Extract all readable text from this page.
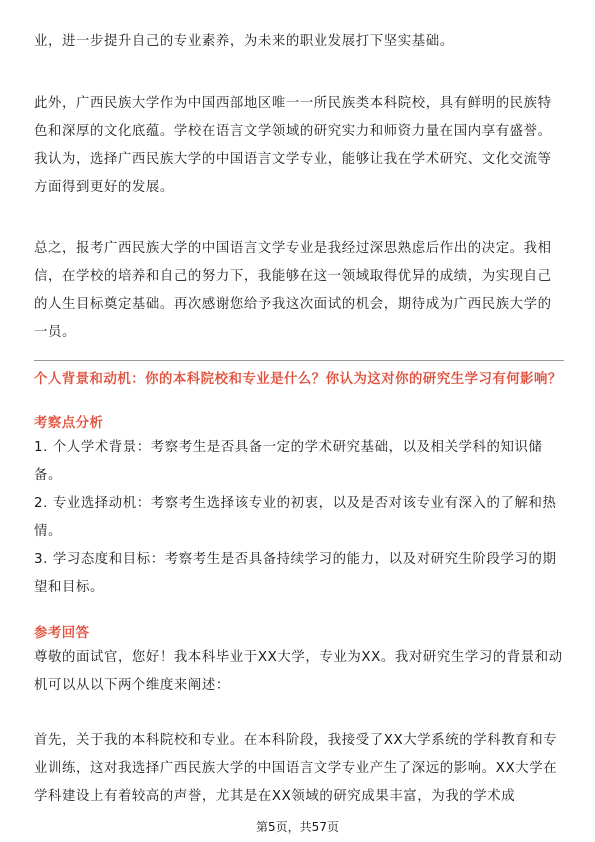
业，进一步提升自己的专业素养，为未来的职业发展打下坚实基础。
此外，广西民族大学作为中国西部地区唯一一所民族类本科院校，具有鲜明的民族特色和深厚的文化底蕴。学校在语言文学领域的研究实力和师资力量在国内享有盛誉。我认为，选择广西民族大学的中国语言文学专业，能够让我在学术研究、文化交流等方面得到更好的发展。
总之，报考广西民族大学的中国语言文学专业是我经过深思熟虑后作出的决定。我相信，在学校的培养和自己的努力下，我能够在这一领域取得优异的成绩，为实现自己的人生目标奠定基础。再次感谢您给予我这次面试的机会，期待成为广西民族大学的一员。
个人背景和动机：你的本科院校和专业是什么？你认为这对你的研究生学习有何影响？
考察点分析
1. 个人学术背景：考察考生是否具备一定的学术研究基础，以及相关学科的知识储备。
2. 专业选择动机：考察考生选择该专业的初衷，以及是否对该专业有深入的了解和热情。
3. 学习态度和目标：考察考生是否具备持续学习的能力，以及对研究生阶段学习的期望和目标。
参考回答
尊敬的面试官，您好！我本科毕业于XX大学，专业为XX。我对研究生学习的背景和动机可以从以下两个维度来阐述：
首先，关于我的本科院校和专业。在本科阶段，我接受了XX大学系统的学科教育和专业训练，这对我选择广西民族大学的中国语言文学专业产生了深远的影响。XX大学在学科建设上有着较高的声誉，尤其是在XX领域的研究成果丰富，为我的学术成
第5页，共57页
